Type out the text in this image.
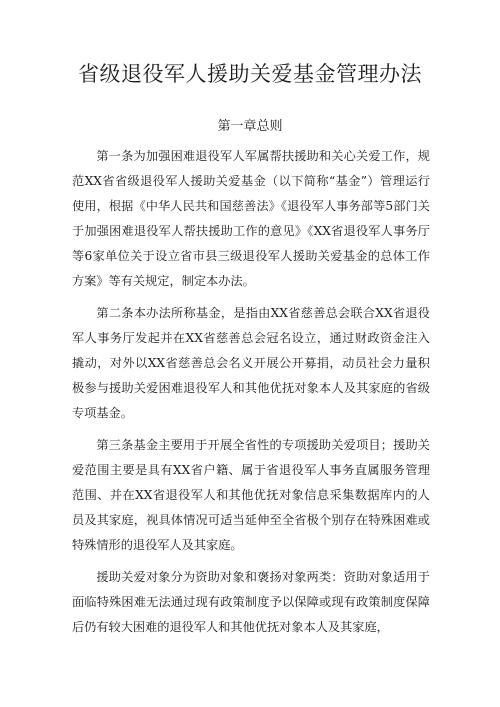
省级退役军人援助关爱基金管理办法
第一章总则

第一条为加强困难退役军人军属帮扶援助和关心关爱工作，规范XX省省级退役军人援助关爱基金（以下简称“基金”）管理运行使用，根据《中华人民共和国慈善法》《退役军人事务部等5部门关于加强困难退役军人帮扶援助工作的意见》《XX省退役军人事务厅等6家单位关于设立省市县三级退役军人援助关爱基金的总体工作方案》等有关规定，制定本办法。

第二条本办法所称基金，是指由XX省慈善总会联合XX省退役军人事务厅发起并在XX省慈善总会冠名设立，通过财政资金注入撬动，对外以XX省慈善总会名义开展公开募捐，动员社会力量积极参与援助关爱困难退役军人和其他优抚对象本人及其家庭的省级专项基金。

第三条基金主要用于开展全省性的专项援助关爱项目；援助关爱范围主要是具有XX省户籍、属于省退役军人事务直属服务管理范围、并在XX省退役军人和其他优抚对象信息采集数据库内的人员及其家庭，视具体情况可适当延伸至全省极个别存在特殊困难或特殊情形的退役军人及其家庭。

援助关爱对象分为资助对象和褒扬对象两类：资助对象适用于面临特殊困难无法通过现有政策制度予以保障或现有政策制度保障后仍有较大困难的退役军人和其他优抚对象本人及其家庭，
